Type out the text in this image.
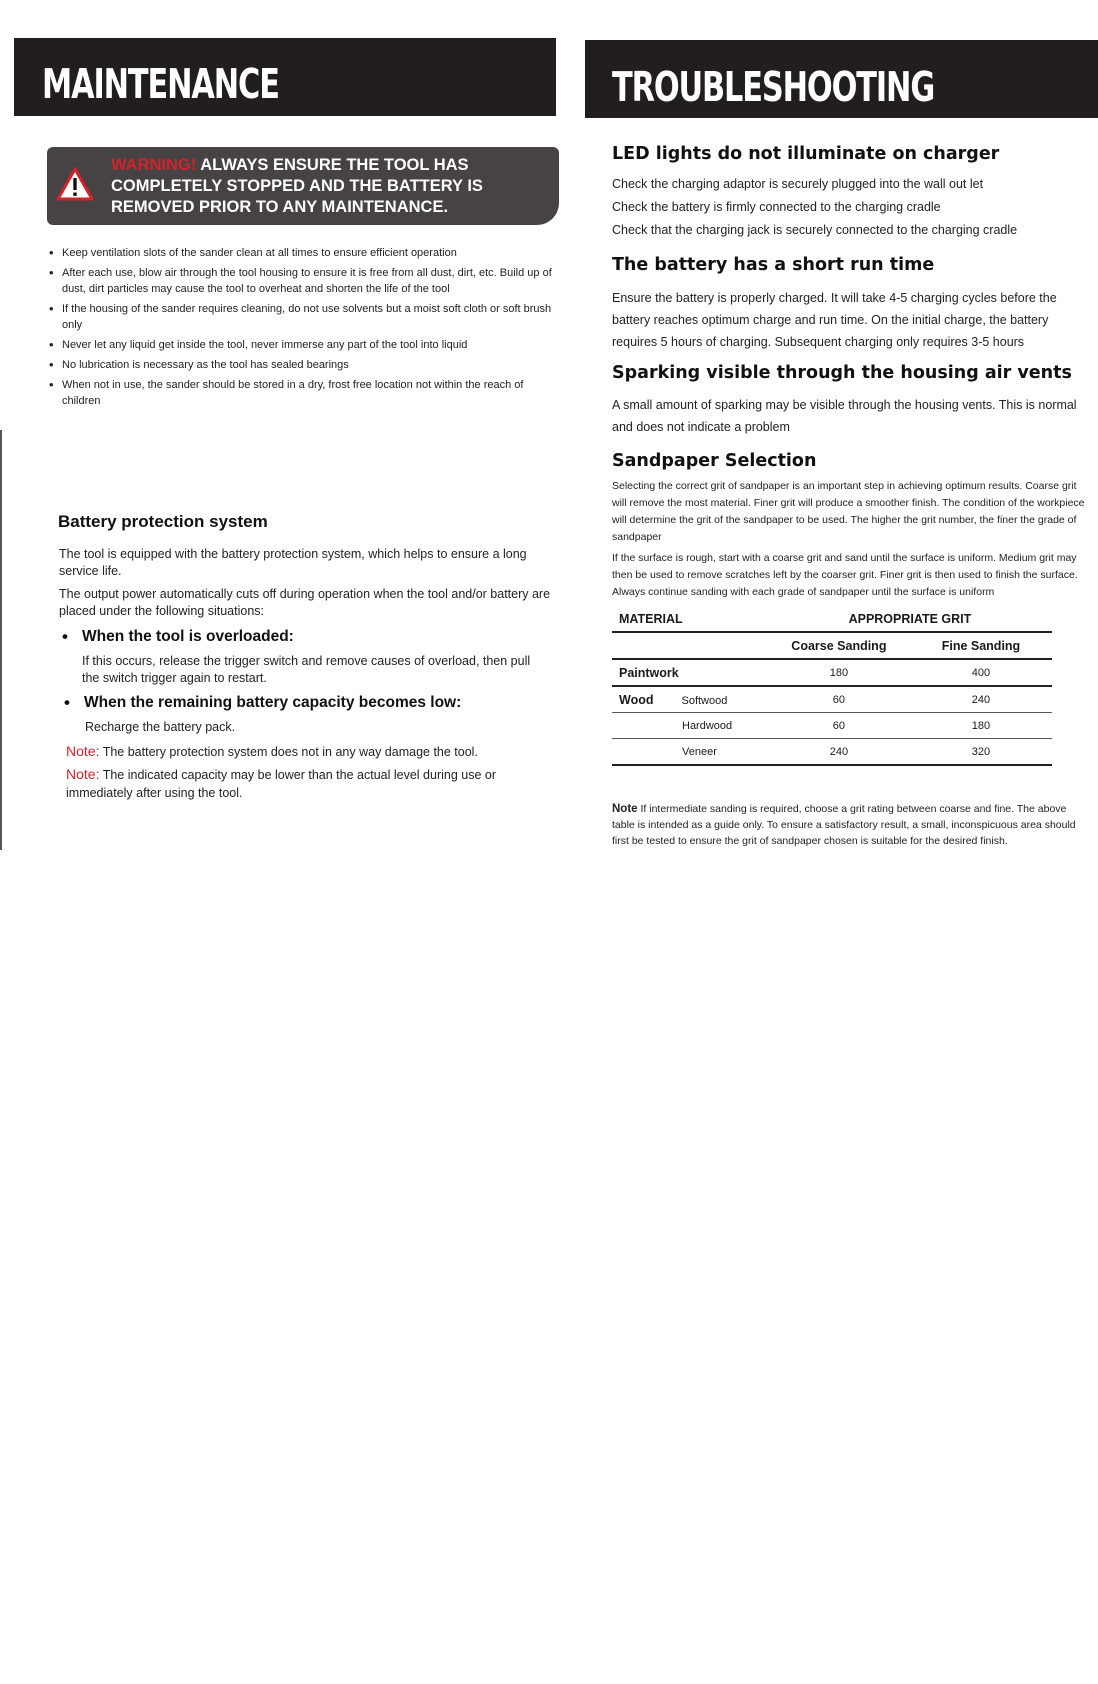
MAINTENANCE
WARNING! ALWAYS ENSURE THE TOOL HAS COMPLETELY STOPPED AND THE BATTERY IS REMOVED PRIOR TO ANY MAINTENANCE.
• Keep ventilation slots of the sander clean at all times to ensure efficient operation
• After each use, blow air through the tool housing to ensure it is free from all dust, dirt, etc. Build up of dust, dirt particles may cause the tool to overheat and shorten the life of the tool
• If the housing of the sander requires cleaning, do not use solvents but a moist soft cloth or soft brush only
• Never let any liquid get inside the tool, never immerse any part of the tool into liquid
• No lubrication is necessary as the tool has sealed bearings
• When not in use, the sander should be stored in a dry, frost free location not within the reach of children
Battery protection system
The tool is equipped with the battery protection system, which helps to ensure a long service life.
The output power automatically cuts off during operation when the tool and/or battery are placed under the following situations:
• When the tool is overloaded:
If this occurs, release the trigger switch and remove causes of overload, then pull the switch trigger again to restart.
• When the remaining battery capacity becomes low:
Recharge the battery pack.
Note: The battery protection system does not in any way damage the tool.
Note: The indicated capacity may be lower than the actual level during use or immediately after using the tool.
TROUBLESHOOTING
LED lights do not illuminate on charger
Check the charging adaptor is securely plugged into the wall out let
Check the battery is firmly connected to the charging cradle
Check that the charging jack is securely connected to the charging cradle
The battery has a short run time
Ensure the battery is properly charged. It will take 4-5 charging cycles before the battery reaches optimum charge and run time. On the initial charge, the battery requires 5 hours of charging. Subsequent charging only requires 3-5 hours
Sparking visible through the housing air vents
A small amount of sparking may be visible through the housing vents. This is normal and does not indicate a problem
Sandpaper Selection
Selecting the correct grit of sandpaper is an important step in achieving optimum results. Coarse grit will remove the most material. Finer grit will produce a smoother finish. The condition of the workpiece will determine the grit of the sandpaper to be used. The higher the grit number, the finer the grade of sandpaper
If the surface is rough, start with a coarse grit and sand until the surface is uniform. Medium grit may then be used to remove scratches left by the coarser grit. Finer grit is then used to finish the surface. Always continue sanding with each grade of sandpaper until the surface is uniform
MATERIAL	APPROPRIATE GRIT	
	Coarse Sanding	Fine Sanding
Paintwork	180	400
Wood Softwood	60	240
Hardwood	60	180
Veneer	240	320
Note If intermediate sanding is required, choose a grit rating between coarse and fine. The above table is intended as a guide only. To ensure a satisfactory result, a small, inconspicuous area should first be tested to ensure the grit of sandpaper chosen is suitable for the desired finish.
